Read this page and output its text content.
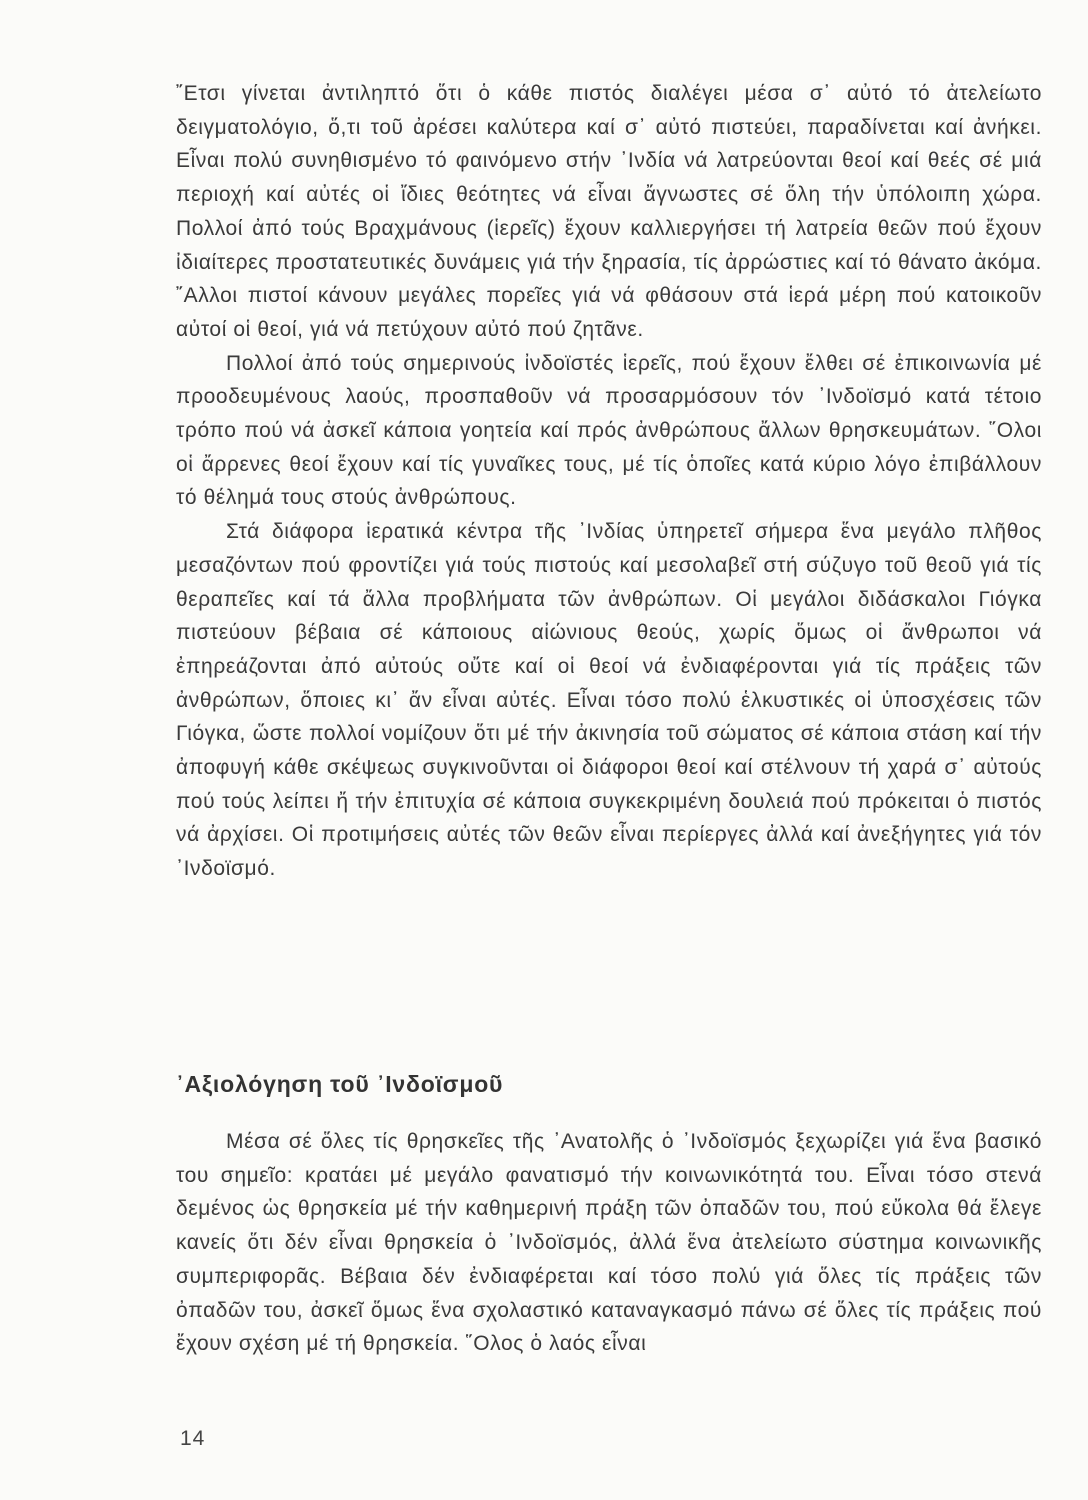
῎Ετσι γίνεται ἀντιληπτό ὅτι ὁ κάθε πιστός διαλέγει μέσα σ᾽ αὐτό τό ἀτελείωτο δειγματολόγιο, ὅ,τι τοῦ ἀρέσει καλύτερα καί σ᾽ αὐτό πιστεύει, παραδίνεται καί ἀνήκει. Εἶναι πολύ συνηθισμένο τό φαινόμενο στήν ᾽Ινδία νά λατρεύονται θεοί καί θεές σέ μιά περιοχή καί αὐτές οἱ ἴδιες θεότητες νά εἶναι ἄγνωστες σέ ὅλη τήν ὑπόλοιπη χώρα. Πολλοί ἀπό τούς Βραχμάνους (ἱερεῖς) ἔχουν καλλιεργήσει τή λατρεία θεῶν πού ἔχουν ἰδιαίτερες προστατευτικές δυνάμεις γιά τήν ξηρασία, τίς ἀρρώστιες καί τό θάνατο ἀκόμα. ῎Αλλοι πιστοί κάνουν μεγάλες πορεῖες γιά νά φθάσουν στά ἱερά μέρη πού κατοικοῦν αὐτοί οἱ θεοί, γιά νά πετύχουν αὐτό πού ζητᾶνε.
Πολλοί ἀπό τούς σημερινούς ἰνδοϊστές ἱερεῖς, πού ἔχουν ἔλθει σέ ἐπικοινωνία μέ προοδευμένους λαούς, προσπαθοῦν νά προσαρμόσουν τόν ᾽Ινδοϊσμό κατά τέτοιο τρόπο πού νά ἀσκεῖ κάποια γοητεία καί πρός ἀνθρώπους ἄλλων θρησκευμάτων. ῞Ολοι οἱ ἄρρενες θεοί ἔχουν καί τίς γυναῖκες τους, μέ τίς ὁποῖες κατά κύριο λόγο ἐπιβάλλουν τό θέλημά τους στούς ἀνθρώπους.
Στά διάφορα ἱερατικά κέντρα τῆς ᾽Ινδίας ὑπηρετεῖ σήμερα ἕνα μεγάλο πλῆθος μεσαζόντων πού φροντίζει γιά τούς πιστούς καί μεσολαβεῖ στή σύζυγο τοῦ θεοῦ γιά τίς θεραπεῖες καί τά ἄλλα προβλήματα τῶν ἀνθρώπων. Οἱ μεγάλοι διδάσκαλοι Γιόγκα πιστεύουν βέβαια σέ κάποιους αἰώνιους θεούς, χωρίς ὅμως οἱ ἄνθρωποι νά ἐπηρεάζονται ἀπό αὐτούς οὔτε καί οἱ θεοί νά ἐνδιαφέρονται γιά τίς πράξεις τῶν ἀνθρώπων, ὅποιες κι᾽ ἄν εἶναι αὐτές. Εἶναι τόσο πολύ ἑλκυστικές οἱ ὑποσχέσεις τῶν Γιόγκα, ὥστε πολλοί νομίζουν ὅτι μέ τήν ἀκινησία τοῦ σώματος σέ κάποια στάση καί τήν ἀποφυγή κάθε σκέψεως συγκινοῦνται οἱ διάφοροι θεοί καί στέλνουν τή χαρά σ᾽ αὐτούς πού τούς λείπει ἤ τήν ἐπιτυχία σέ κάποια συγκεκριμένη δουλειά πού πρόκειται ὁ πιστός νά ἀρχίσει. Οἱ προτιμήσεις αὐτές τῶν θεῶν εἶναι περίεργες ἀλλά καί ἀνεξήγητες γιά τόν ᾽Ινδοϊσμό.
᾽Αξιολόγηση τοῦ ᾽Ινδοϊσμοῦ
Μέσα σέ ὅλες τίς θρησκεῖες τῆς ᾽Ανατολῆς ὁ ᾽Ινδοϊσμός ξεχωρίζει γιά ἕνα βασικό του σημεῖο: κρατάει μέ μεγάλο φανατισμό τήν κοινωνικότητά του. Εἶναι τόσο στενά δεμένος ὡς θρησκεία μέ τήν καθημερινή πράξη τῶν ὀπαδῶν του, πού εὔκολα θά ἔλεγε κανείς ὅτι δέν εἶναι θρησκεία ὁ ᾽Ινδοϊσμός, ἀλλά ἕνα ἀτελείωτο σύστημα κοινωνικῆς συμπεριφορᾶς. Βέβαια δέν ἐνδιαφέρεται καί τόσο πολύ γιά ὅλες τίς πράξεις τῶν ὀπαδῶν του, ἀσκεῖ ὅμως ἕνα σχολαστικό καταναγκασμό πάνω σέ ὅλες τίς πράξεις πού ἔχουν σχέση μέ τή θρησκεία. ῞Ολος ὁ λαός εἶναι
14
